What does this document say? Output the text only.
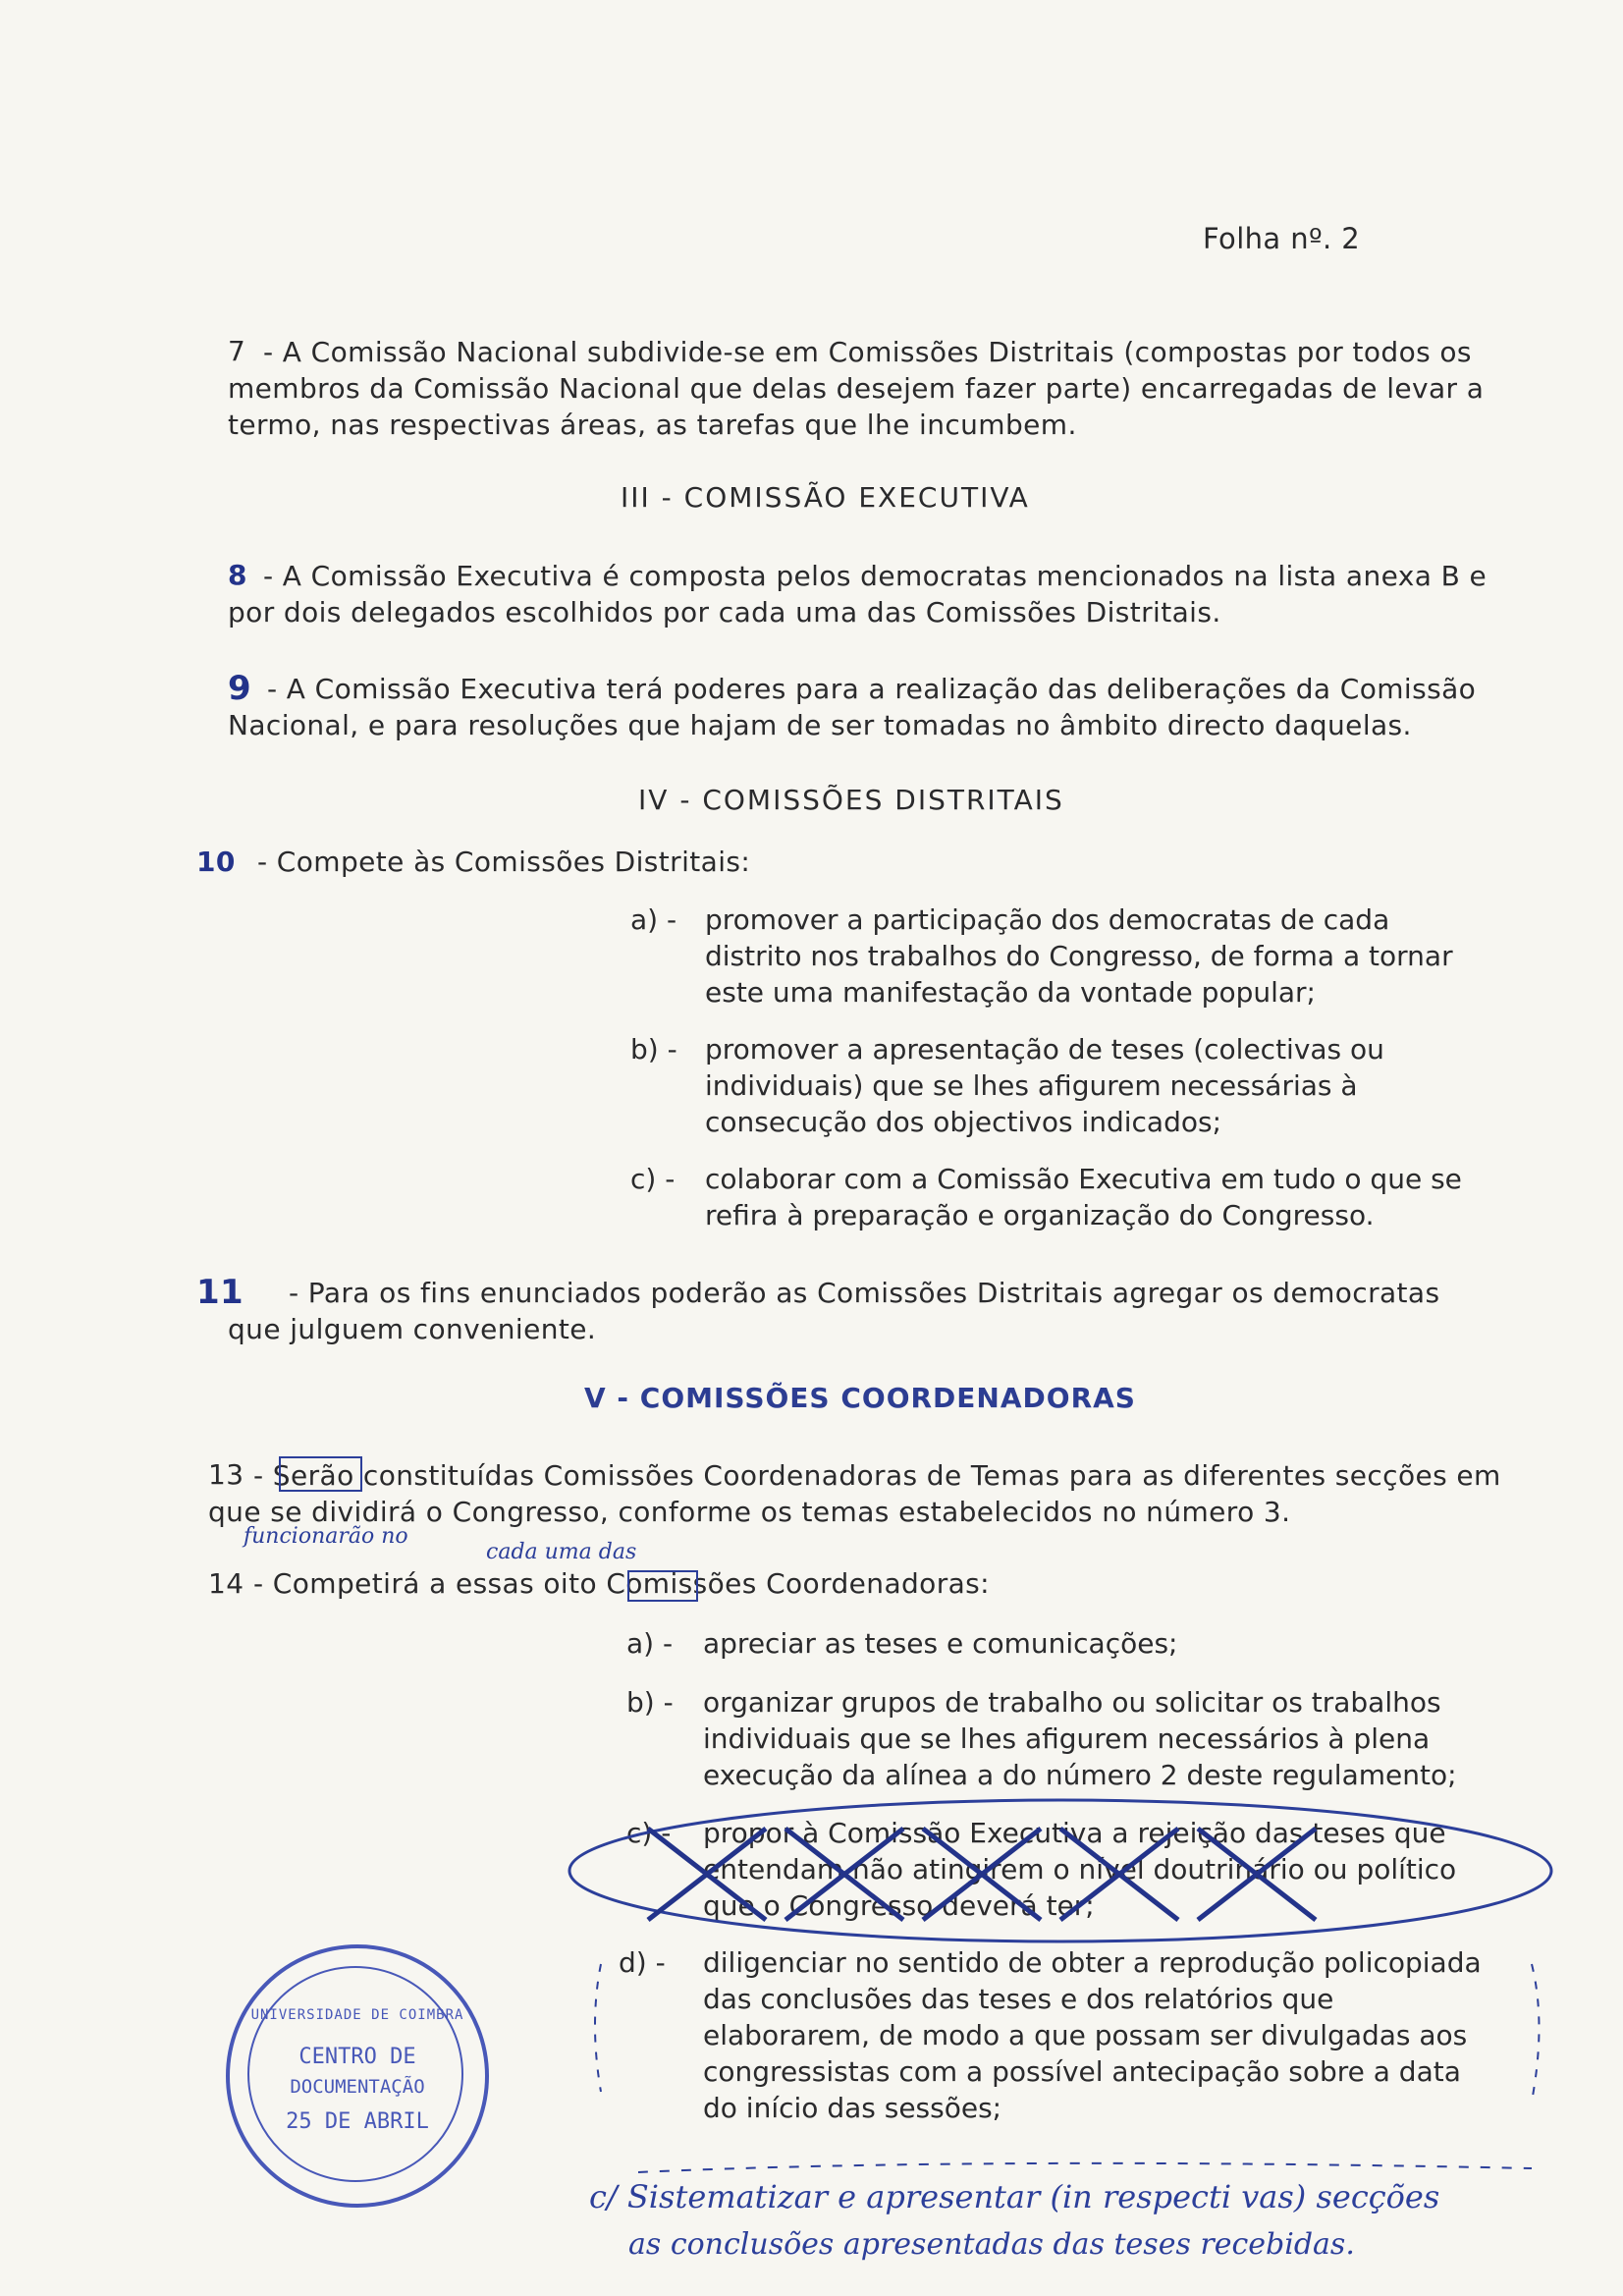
Folha nº. 2
7 - A Comissão Nacional subdivide-se em Comissões Distritais (compostas por todos os membros da Comissão Nacional que delas desejem fazer parte) encarregadas de levar a termo, nas respectivas áreas, as tarefas que lhe incumbem.
III - COMISSÃO EXECUTIVA
8 - A Comissão Executiva é composta pelos democratas mencionados na lista anexa B e por dois delegados escolhidos por cada uma das Comissões Distritais.
9 - A Comissão Executiva terá poderes para a realização das deliberações da Comissão Nacional, e para resoluções que hajam de ser tomadas no âmbito directo daquelas.
IV - COMISSÕES DISTRITAIS
10 - Compete às Comissões Distritais:
a) - promover a participação dos democratas de cada distrito nos trabalhos do Congresso, de forma a tornar este uma manifestação da vontade popular;
b) - promover a apresentação de teses (colectivas ou individuais) que se lhes afigurem necessárias à consecução dos objectivos indicados;
c) - colaborar com a Comissão Executiva em tudo o que se refira à preparação e organização do Congresso.
11	- Para os fins enunciados poderão as Comissões Distritais agregar os democratas que julguem conveniente.
V - COMISSÕES COORDENADORAS
13 - Serão constituídas Comissões Coordenadoras de Temas para as diferentes secções em que se dividirá o Congresso, conforme os temas estabelecidos no número 3.
funcionarão no
cada uma das
14 - Competirá a essas oito Comissões Coordenadoras:
a) - apreciar as teses e comunicações;
b) - organizar grupos de trabalho ou solicitar os trabalhos individuais que se lhes afigurem necessários à plena execução da alínea a do número 2 deste regulamento;
c) - propor à Comissão Executiva a rejeição das teses que entendam não atingirem o nível doutrinário ou político que o Congresso deverá ter;
d) - diligenciar no sentido de obter a reprodução policopiada das conclusões das teses e dos relatórios que elaborarem, de modo a que possam ser divulgadas aos congressistas com a possível antecipação sobre a data do início das sessões;
c/ Sistematizar e apresentar (in respecti vas) secções
as conclusões apresentadas das teses recebidas.
UNIVERSIDADE DE COIMBRA
CENTRO DE
DOCUMENTAÇÃO
25 DE ABRIL
